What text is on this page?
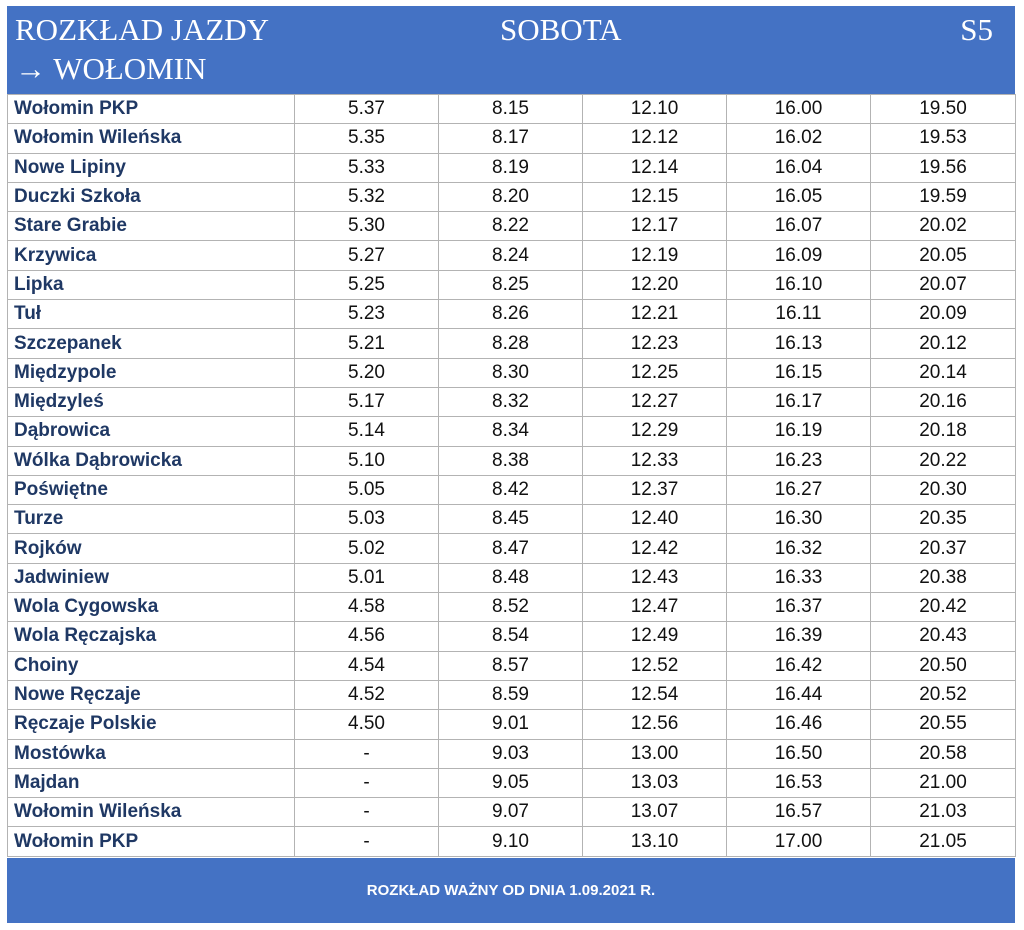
ROZKŁAD JAZDY
→ WOŁOMIN
SOBOTA	S5
Wołomin PKP	5.37	8.15	12.10	16.00	19.50
Wołomin Wileńska	5.35	8.17	12.12	16.02	19.53
Nowe Lipiny	5.33	8.19	12.14	16.04	19.56
Duczki Szkoła	5.32	8.20	12.15	16.05	19.59
Stare Grabie	5.30	8.22	12.17	16.07	20.02
Krzywica	5.27	8.24	12.19	16.09	20.05
Lipka	5.25	8.25	12.20	16.10	20.07
Tuł	5.23	8.26	12.21	16.11	20.09
Szczepanek	5.21	8.28	12.23	16.13	20.12
Międzypole	5.20	8.30	12.25	16.15	20.14
Międzyleś	5.17	8.32	12.27	16.17	20.16
Dąbrowica	5.14	8.34	12.29	16.19	20.18
Wólka Dąbrowicka	5.10	8.38	12.33	16.23	20.22
Poświętne	5.05	8.42	12.37	16.27	20.30
Turze	5.03	8.45	12.40	16.30	20.35
Rojków	5.02	8.47	12.42	16.32	20.37
Jadwiniew	5.01	8.48	12.43	16.33	20.38
Wola Cygowska	4.58	8.52	12.47	16.37	20.42
Wola Ręczajska	4.56	8.54	12.49	16.39	20.43
Choiny	4.54	8.57	12.52	16.42	20.50
Nowe Ręczaje	4.52	8.59	12.54	16.44	20.52
Ręczaje Polskie	4.50	9.01	12.56	16.46	20.55
Mostówka	-	9.03	13.00	16.50	20.58
Majdan	-	9.05	13.03	16.53	21.00
Wołomin Wileńska	-	9.07	13.07	16.57	21.03
Wołomin PKP	-	9.10	13.10	17.00	21.05
ROZKŁAD WAŻNY OD DNIA 1.09.2021 R.
